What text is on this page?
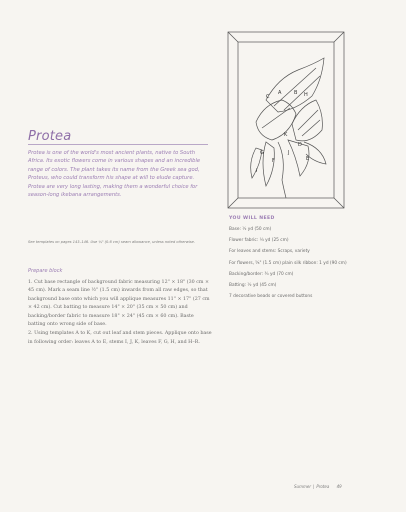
C
A	B H
K
D
G	J
E
F
I
Protea
Protea is one of the world's most ancient plants, native to South Africa. Its exotic flowers come in various shapes and an incredible range of colors. The plant takes its name from the Greek sea god, Proteus, who could transform his shape at will to elude capture. Protea are very long lasting, making them a wonderful choice for season-long ikebana arrangements.
See templates on pages 143–146. Use ¼" (0.6 cm) seam allowance, unless noted otherwise.
Prepare block

1. Cut base rectangle of background fabric measuring 12" × 18" (30 cm × 45 cm). Mark a seam line ½" (1.5 cm) inwards from all raw edges, so that background base onto which you will applique measures 11" × 17" (27 cm × 42 cm). Cut batting to measure 14" × 20" (35 cm × 50 cm) and backing/border fabric to measure 18" × 24" (45 cm × 60 cm). Baste batting onto wrong side of base.

2. Using templates A to K, cut out leaf and stem pieces. Applique onto base in following order: leaves A to E, stems I, J, K, leaves F, G, H, and H–R.

YOU WILL NEED
Base: ½ yd (50 cm)
Flower fabric: ¼ yd (25 cm)
For leaves and stems: Scraps, variety
For flowers, ⅝" (1.5 cm) plain silk ribbon: 1 yd (90 cm)
Backing/border: ¾ yd (70 cm)
Batting: ½ yd (45 cm)
7 decorative beads or covered buttons
Summer | Protea 49
